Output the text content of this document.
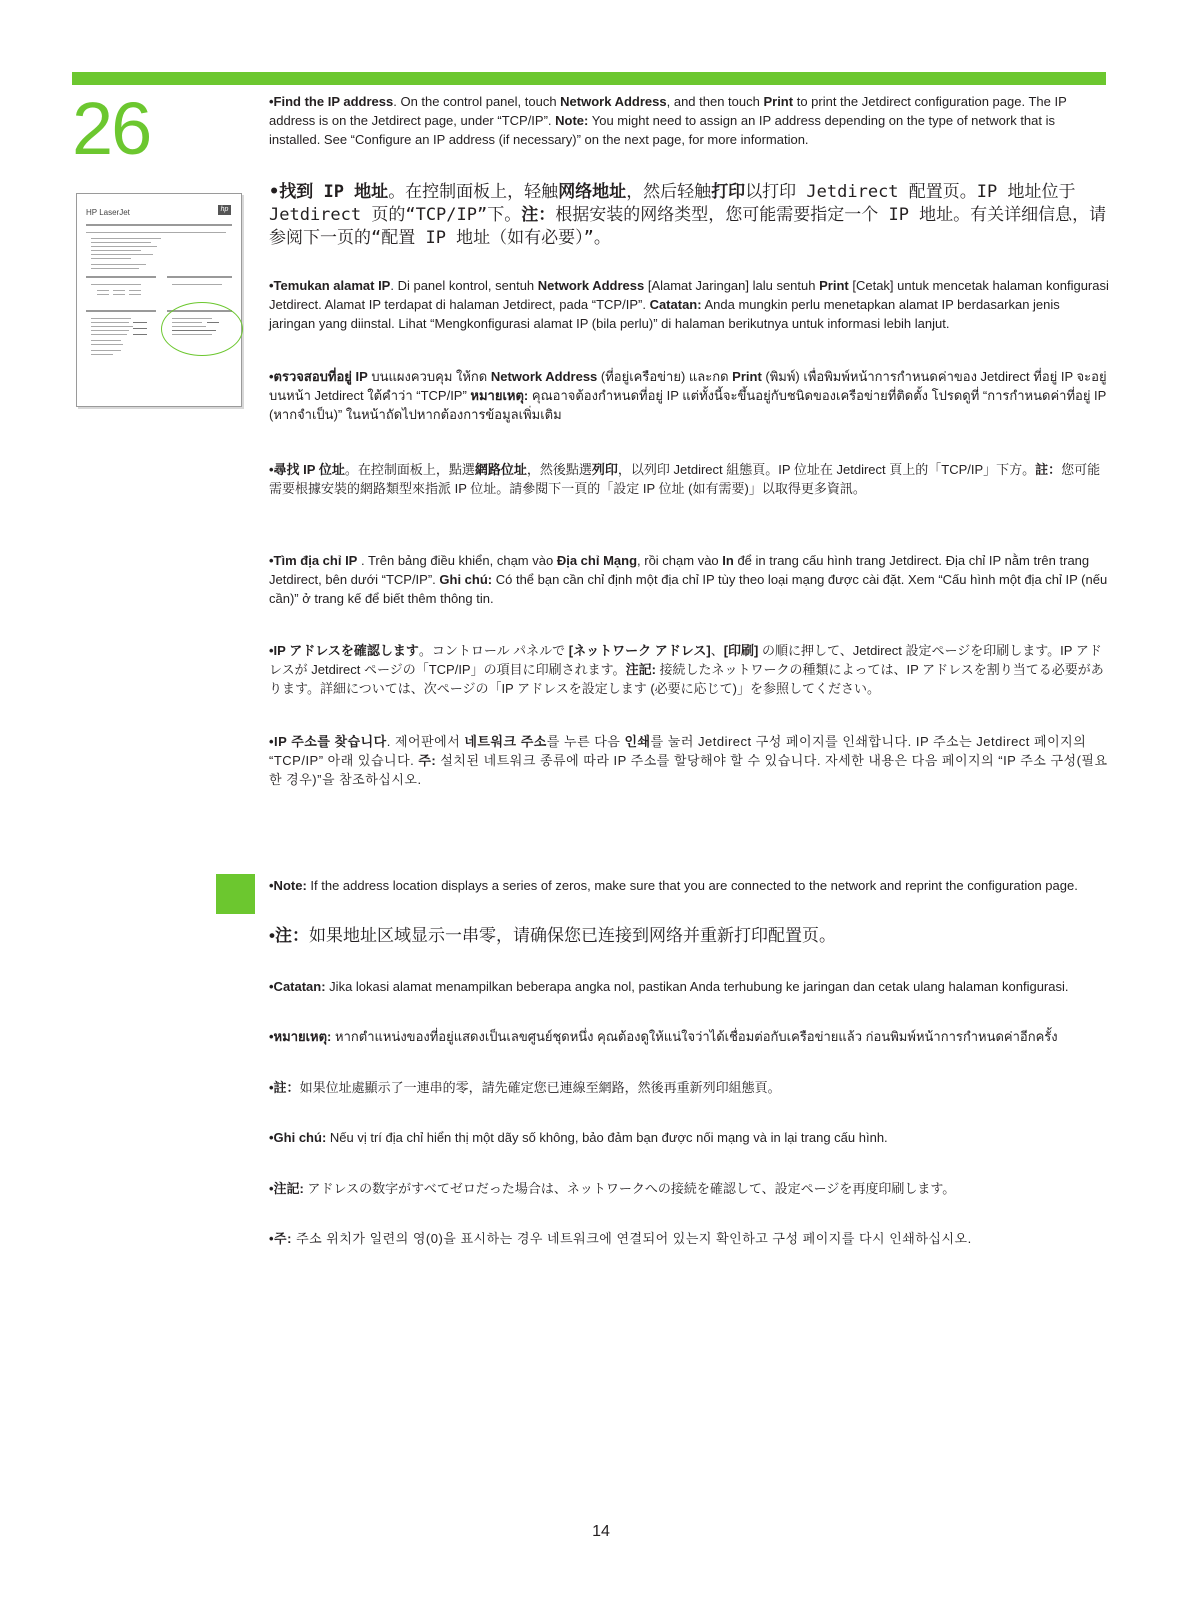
26
HP LaserJet	hp

•Find the IP address. On the control panel, touch Network Address, and then touch Print to print the Jetdirect configuration page. The IP address is on the Jetdirect page, under “TCP/IP”. Note: You might need to assign an IP address depending on the type of network that is installed. See “Configure an IP address (if necessary)” on the next page, for more information.

•找到 IP 地址。在控制面板上，轻触网络地址，然后轻触打印以打印 Jetdirect 配置页。IP 地址位于 Jetdirect 页的“TCP/IP”下。注：根据安装的网络类型，您可能需要指定一个 IP 地址。有关详细信息，请参阅下一页的“配置 IP 地址（如有必要）”。

•Temukan alamat IP. Di panel kontrol, sentuh Network Address [Alamat Jaringan] lalu sentuh Print [Cetak] untuk mencetak halaman konfigurasi Jetdirect. Alamat IP terdapat di halaman Jetdirect, pada “TCP/IP”. Catatan: Anda mungkin perlu menetapkan alamat IP berdasarkan jenis jaringan yang diinstal. Lihat “Mengkonfigurasi alamat IP (bila perlu)” di halaman berikutnya untuk informasi lebih lanjut.

•ตรวจสอบที่อยู่ IP บนแผงควบคุม ให้กด Network Address (ที่อยู่เครือข่าย) และกด Print (พิมพ์) เพื่อพิมพ์หน้าการกำหนดค่าของ Jetdirect ที่อยู่ IP จะอยู่บนหน้า Jetdirect ใต้คำว่า “TCP/IP” หมายเหตุ: คุณอาจต้องกำหนดที่อยู่ IP แต่ทั้งนี้จะขึ้นอยู่กับชนิดของเครือข่ายที่ติดตั้ง โปรดดูที่ “การกำหนดค่าที่อยู่ IP (หากจำเป็น)” ในหน้าถัดไปหากต้องการข้อมูลเพิ่มเติม

•尋找 IP 位址。在控制面板上，點選網路位址，然後點選列印，以列印 Jetdirect 組態頁。IP 位址在 Jetdirect 頁上的「TCP/IP」下方。註：您可能需要根據安裝的網路類型來指派 IP 位址。請參閱下一頁的「設定 IP 位址 (如有需要)」以取得更多資訊。

•Tìm địa chỉ IP . Trên bảng điều khiển, chạm vào Địa chỉ Mạng, rồi chạm vào In để in trang cấu hình trang Jetdirect. Địa chỉ IP nằm trên trang Jetdirect, bên dưới “TCP/IP”. Ghi chú: Có thể bạn cần chỉ định một địa chỉ IP tùy theo loại mạng được cài đặt. Xem “Cấu hình một địa chỉ IP (nếu cần)” ở trang kế để biết thêm thông tin.

•IP アドレスを確認します。コントロール パネルで [ネットワーク アドレス]、[印刷] の順に押して、Jetdirect 設定ページを印刷します。IP アドレスが Jetdirect ページの「TCP/IP」の項目に印刷されます。注記: 接続したネットワークの種類によっては、IP アドレスを割り当てる必要があります。詳細については、次ページの「IP アドレスを設定します (必要に応じて)」を参照してください。

•IP 주소를 찾습니다. 제어판에서 네트워크 주소를 누른 다음 인쇄를 눌러 Jetdirect 구성 페이지를 인쇄합니다. IP 주소는 Jetdirect 페이지의 “TCP/IP” 아래 있습니다. 주: 설치된 네트워크 종류에 따라 IP 주소를 할당해야 할 수 있습니다. 자세한 내용은 다음 페이지의 “IP 주소 구성(필요한 경우)”을 참조하십시오.

•Note: If the address location displays a series of zeros, make sure that you are connected to the network and reprint the configuration page.

•注：如果地址区域显示一串零，请确保您已连接到网络并重新打印配置页。

•Catatan: Jika lokasi alamat menampilkan beberapa angka nol, pastikan Anda terhubung ke jaringan dan cetak ulang halaman konfigurasi.

•หมายเหตุ: หากตำแหน่งของที่อยู่แสดงเป็นเลขศูนย์ชุดหนึ่ง คุณต้องดูให้แน่ใจว่าได้เชื่อมต่อกับเครือข่ายแล้ว ก่อนพิมพ์หน้าการกำหนดค่าอีกครั้ง

•註：如果位址處顯示了一連串的零，請先確定您已連線至網路，然後再重新列印組態頁。

•Ghi chú: Nếu vị trí địa chỉ hiển thị một dãy số không, bảo đảm bạn được nối mạng và in lại trang cấu hình.

•注記: アドレスの数字がすべてゼロだった場合は、ネットワークへの接続を確認して、設定ページを再度印刷します。

•주: 주소 위치가 일련의 영(0)을 표시하는 경우 네트워크에 연결되어 있는지 확인하고 구성 페이지를 다시 인쇄하십시오.

14
